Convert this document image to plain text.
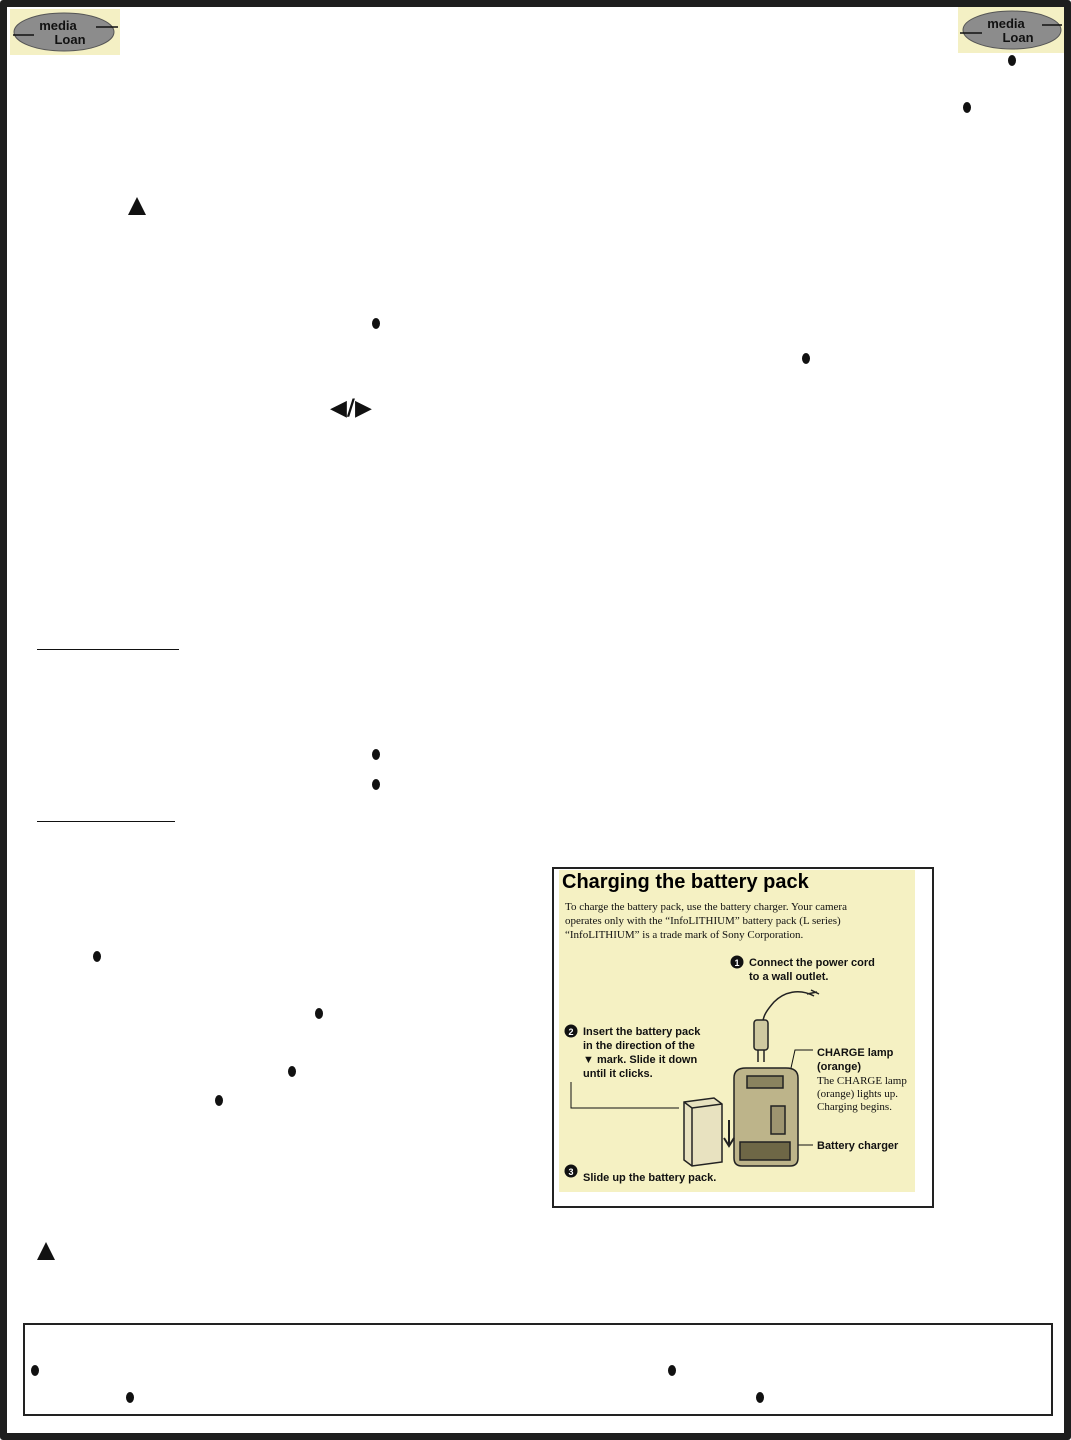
media
Loan
media
Loan
◀/▶
Charging the battery pack
To charge the battery pack, use the battery charger. Your camera
operates only with the “InfoLITHIUM” battery pack (L series)
“InfoLITHIUM” is a trade mark of Sony Corporation.
1 Connect the power cord
to a wall outlet.
2 Insert the battery pack
in the direction of the
▼ mark. Slide it down
until it clicks.
3 Slide up the battery pack.
CHARGE lamp
(orange)
The CHARGE lamp
(orange) lights up.
Charging begins.
Battery charger
